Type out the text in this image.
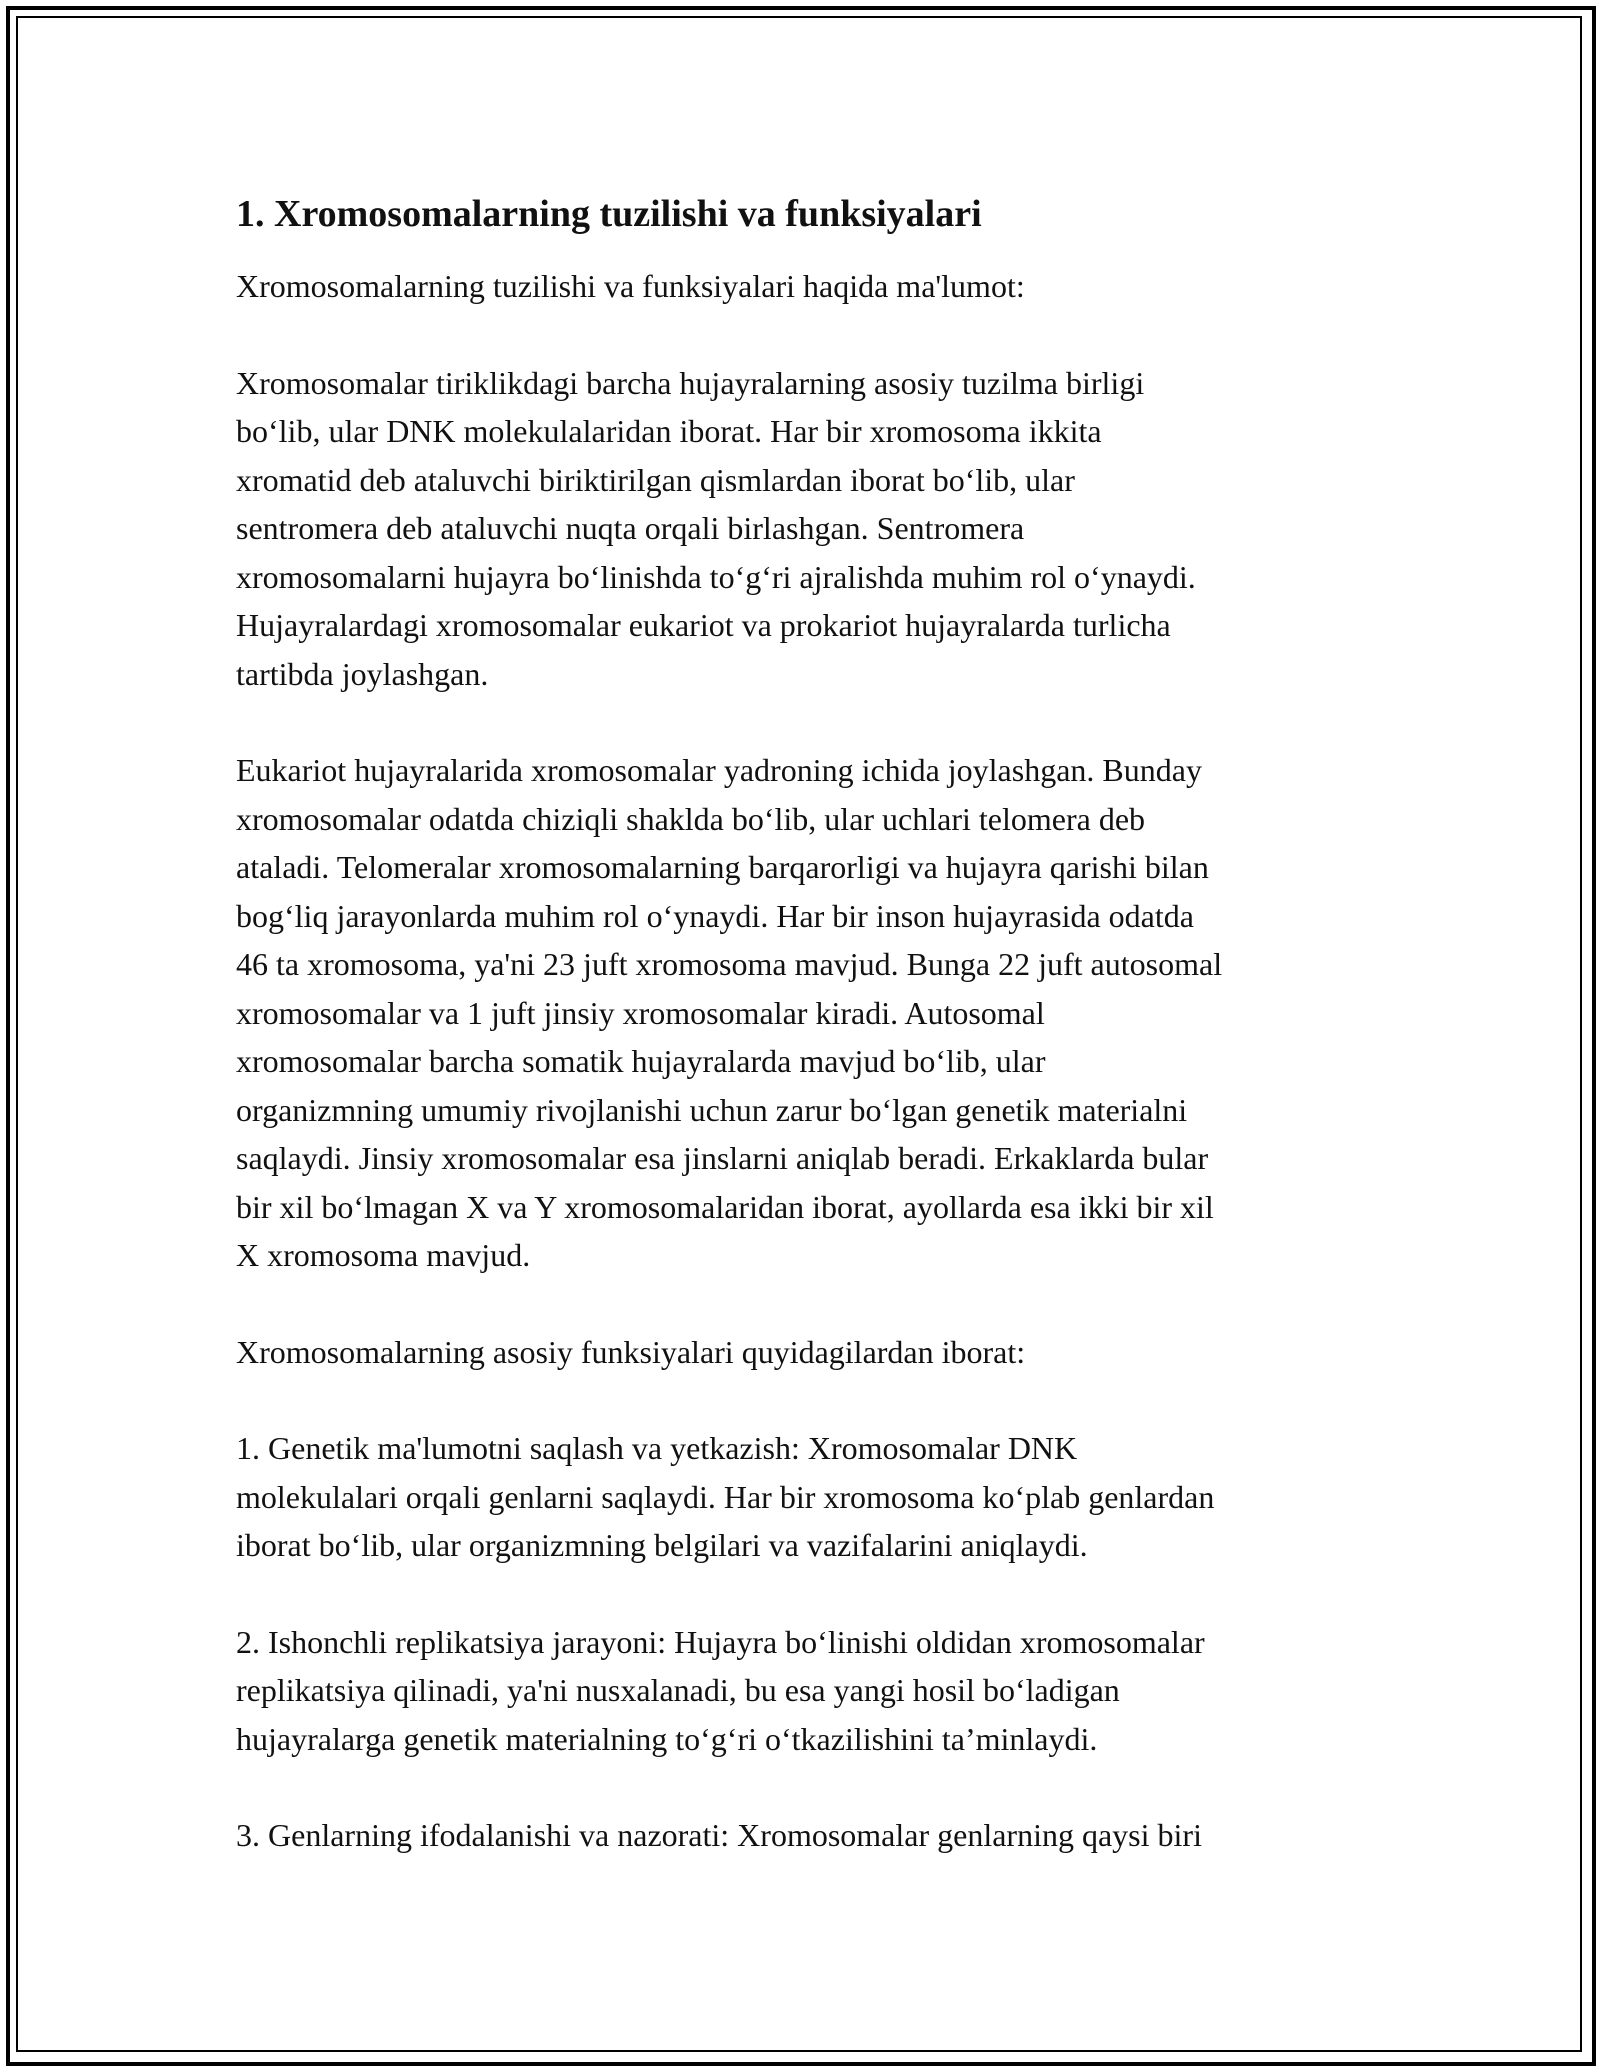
1. Xromosomalarning tuzilishi va funksiyalari

Xromosomalarning tuzilishi va funksiyalari haqida ma'lumot:

Xromosomalar tiriklikdagi barcha hujayralarning asosiy tuzilma birligi
bo‘lib, ular DNK molekulalaridan iborat. Har bir xromosoma ikkita
xromatid deb ataluvchi biriktirilgan qismlardan iborat bo‘lib, ular
sentromera deb ataluvchi nuqta orqali birlashgan. Sentromera
xromosomalarni hujayra bo‘linishda to‘g‘ri ajralishda muhim rol o‘ynaydi.
Hujayralardagi xromosomalar eukariot va prokariot hujayralarda turlicha
tartibda joylashgan.

Eukariot hujayralarida xromosomalar yadroning ichida joylashgan. Bunday
xromosomalar odatda chiziqli shaklda bo‘lib, ular uchlari telomera deb
ataladi. Telomeralar xromosomalarning barqarorligi va hujayra qarishi bilan
bog‘liq jarayonlarda muhim rol o‘ynaydi. Har bir inson hujayrasida odatda
46 ta xromosoma, ya'ni 23 juft xromosoma mavjud. Bunga 22 juft autosomal
xromosomalar va 1 juft jinsiy xromosomalar kiradi. Autosomal
xromosomalar barcha somatik hujayralarda mavjud bo‘lib, ular
organizmning umumiy rivojlanishi uchun zarur bo‘lgan genetik materialni
saqlaydi. Jinsiy xromosomalar esa jinslarni aniqlab beradi. Erkaklarda bular
bir xil bo‘lmagan X va Y xromosomalaridan iborat, ayollarda esa ikki bir xil
X xromosoma mavjud.

Xromosomalarning asosiy funksiyalari quyidagilardan iborat:

1. Genetik ma'lumotni saqlash va yetkazish: Xromosomalar DNK
molekulalari orqali genlarni saqlaydi. Har bir xromosoma ko‘plab genlardan
iborat bo‘lib, ular organizmning belgilari va vazifalarini aniqlaydi.

2. Ishonchli replikatsiya jarayoni: Hujayra bo‘linishi oldidan xromosomalar
replikatsiya qilinadi, ya'ni nusxalanadi, bu esa yangi hosil bo‘ladigan
hujayralarga genetik materialning to‘g‘ri o‘tkazilishini ta’minlaydi.

3. Genlarning ifodalanishi va nazorati: Xromosomalar genlarning qaysi biri
